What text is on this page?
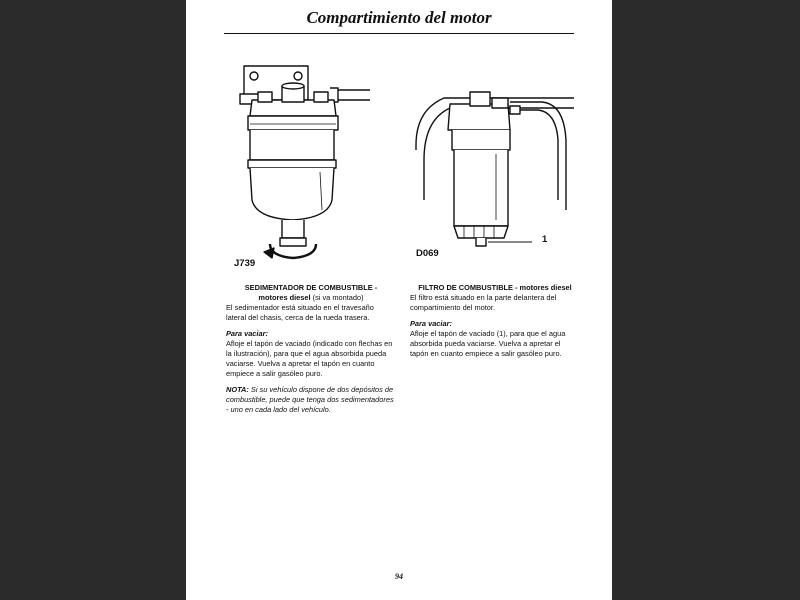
Compartimiento del motor
J739
D069
1

SEDIMENTADOR DE COMBUSTIBLE -
motores diesel (si va montado)

El sedimentador está situado en el travesaño lateral del chasis, cerca de la rueda trasera.

Para vaciar:

Afloje el tapón de vaciado (indicado con flechas en la ilustración), para que el agua absorbida pueda vaciarse. Vuelva a apretar el tapón en cuanto empiece a salir gasóleo puro.

NOTA: Si su vehículo dispone de dos depósitos de combustible, puede que tenga dos sedimentadores - uno en cada lado del vehículo.

FILTRO DE COMBUSTIBLE - motores diesel

El filtro está situado en la parte delantera del compartimiento del motor.

Para vaciar:

Afloje el tapón de vaciado (1), para que el agua absorbida pueda vaciarse. Vuelva a apretar el tapón en cuanto empiece a salir gasóleo puro.

94
